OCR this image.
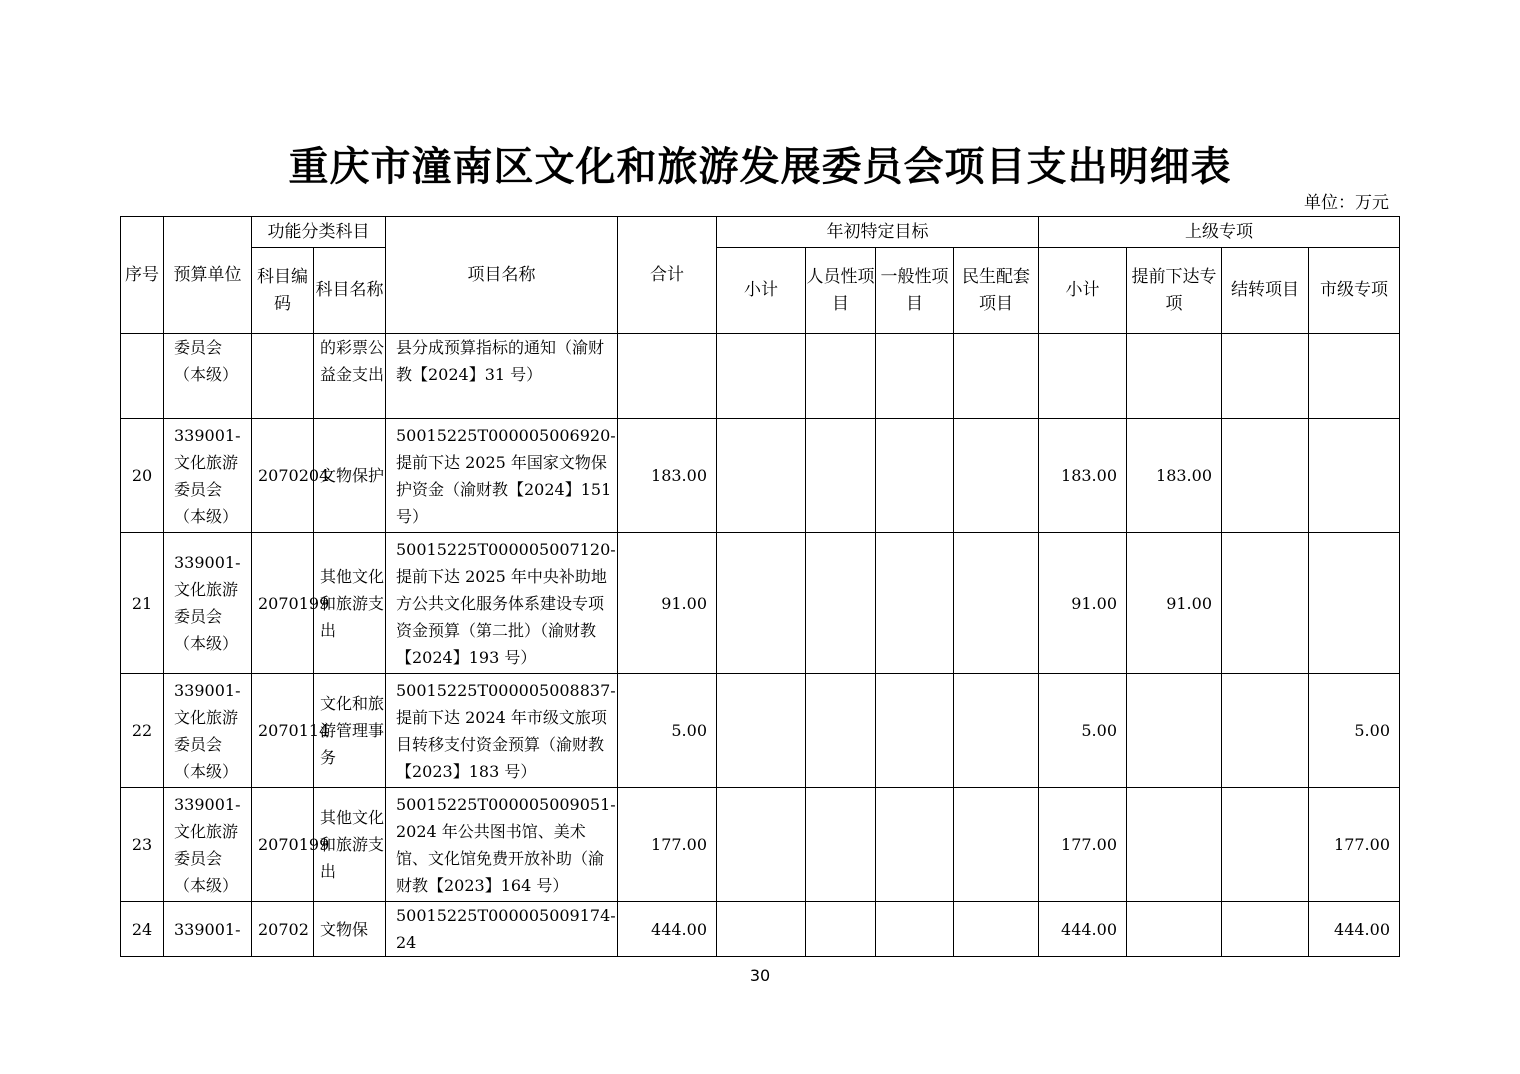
重庆市潼南区文化和旅游发展委员会项目支出明细表
单位：万元
序号	预算单位	功能分类科目		项目名称	合计	年初特定目标				上级专项			
		科目编码	科目名称			小计	人员性项目	一般性项目	民生配套项目	小计	提前下达专项	结转项目	市级专项
	委员会（本级）		的彩票公益金支出	县分成预算指标的通知（渝财教【2024】31 号）									
20	339001-文化旅游委员会（本级）	2070204	文物保护	50015225T000005006920-提前下达 2025 年国家文物保护资金（渝财教【2024】151 号）	183.00					183.00	183.00		
21	339001-文化旅游委员会（本级）	2070199	其他文化和旅游支出	50015225T000005007120-提前下达 2025 年中央补助地方公共文化服务体系建设专项资金预算（第二批）（渝财教【2024】193 号）	91.00					91.00	91.00		
22	339001-文化旅游委员会（本级）	2070114	文化和旅游管理事务	50015225T000005008837-提前下达 2024 年市级文旅项目转移支付资金预算（渝财教【2023】183 号）	5.00					5.00			5.00
23	339001-文化旅游委员会（本级）	2070199	其他文化和旅游支出	50015225T000005009051-2024 年公共图书馆、美术馆、文化馆免费开放补助（渝财教【2023】164 号）	177.00					177.00			177.00
24	339001-	20702	文物保	50015225T000005009174-24	444.00					444.00			444.00
30
